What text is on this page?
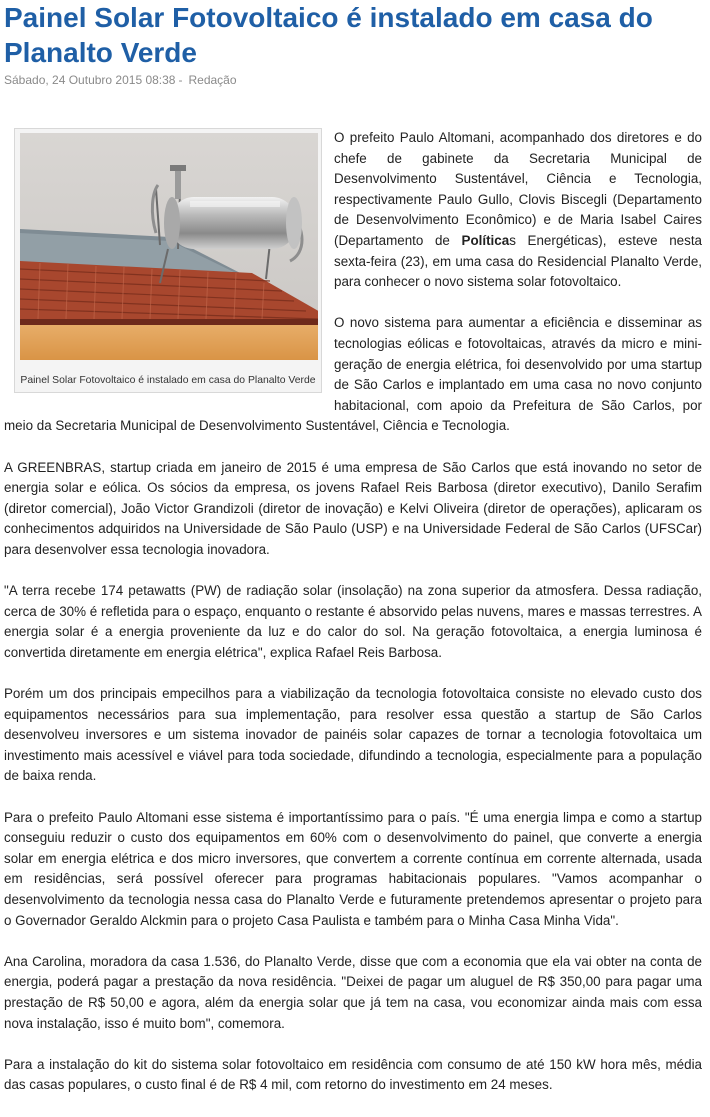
Painel Solar Fotovoltaico é instalado em casa do Planalto Verde
Sábado, 24 Outubro 2015 08:38 - Redação
Painel Solar Fotovoltaico é instalado em casa do Planalto Verde

O prefeito Paulo Altomani, acompanhado dos diretores e do chefe de gabinete da Secretaria Municipal de Desenvolvimento Sustentável, Ciência e Tecnologia, respectivamente Paulo Gullo, Clovis Biscegli (Departamento de Desenvolvimento Econômico) e de Maria Isabel Caires (Departamento de Políticas Energéticas), esteve nesta sexta-feira (23), em uma casa do Residencial Planalto Verde, para conhecer o novo sistema solar fotovoltaico.

O novo sistema para aumentar a eficiência e disseminar as tecnologias eólicas e fotovoltaicas, através da micro e mini-geração de energia elétrica, foi desenvolvido por uma startup de São Carlos e implantado em uma casa no novo conjunto habitacional, com apoio da Prefeitura de São Carlos, por meio da Secretaria Municipal de Desenvolvimento Sustentável, Ciência e Tecnologia.

A GREENBRAS, startup criada em janeiro de 2015 é uma empresa de São Carlos que está inovando no setor de energia solar e eólica. Os sócios da empresa, os jovens Rafael Reis Barbosa (diretor executivo), Danilo Serafim (diretor comercial), João Victor Grandizoli (diretor de inovação) e Kelvi Oliveira (diretor de operações), aplicaram os conhecimentos adquiridos na Universidade de São Paulo (USP) e na Universidade Federal de São Carlos (UFSCar) para desenvolver essa tecnologia inovadora.

"A terra recebe 174 petawatts (PW) de radiação solar (insolação) na zona superior da atmosfera. Dessa radiação, cerca de 30% é refletida para o espaço, enquanto o restante é absorvido pelas nuvens, mares e massas terrestres. A energia solar é a energia proveniente da luz e do calor do sol. Na geração fotovoltaica, a energia luminosa é convertida diretamente em energia elétrica", explica Rafael Reis Barbosa.

Porém um dos principais empecilhos para a viabilização da tecnologia fotovoltaica consiste no elevado custo dos equipamentos necessários para sua implementação, para resolver essa questão a startup de São Carlos desenvolveu inversores e um sistema inovador de painéis solar capazes de tornar a tecnologia fotovoltaica um investimento mais acessível e viável para toda sociedade, difundindo a tecnologia, especialmente para a população de baixa renda.

Para o prefeito Paulo Altomani esse sistema é importantíssimo para o país. "É uma energia limpa e como a startup conseguiu reduzir o custo dos equipamentos em 60% com o desenvolvimento do painel, que converte a energia solar em energia elétrica e dos micro inversores, que convertem a corrente contínua em corrente alternada, usada em residências, será possível oferecer para programas habitacionais populares. "Vamos acompanhar o desenvolvimento da tecnologia nessa casa do Planalto Verde e futuramente pretendemos apresentar o projeto para o Governador Geraldo Alckmin para o projeto Casa Paulista e também para o Minha Casa Minha Vida".

Ana Carolina, moradora da casa 1.536, do Planalto Verde, disse que com a economia que ela vai obter na conta de energia, poderá pagar a prestação da nova residência. "Deixei de pagar um aluguel de R$ 350,00 para pagar uma prestação de R$ 50,00 e agora, além da energia solar que já tem na casa, vou economizar ainda mais com essa nova instalação, isso é muito bom", comemora.

Para a instalação do kit do sistema solar fotovoltaico em residência com consumo de até 150 kW hora mês, média das casas populares, o custo final é de R$ 4 mil, com retorno do investimento em 24 meses.
